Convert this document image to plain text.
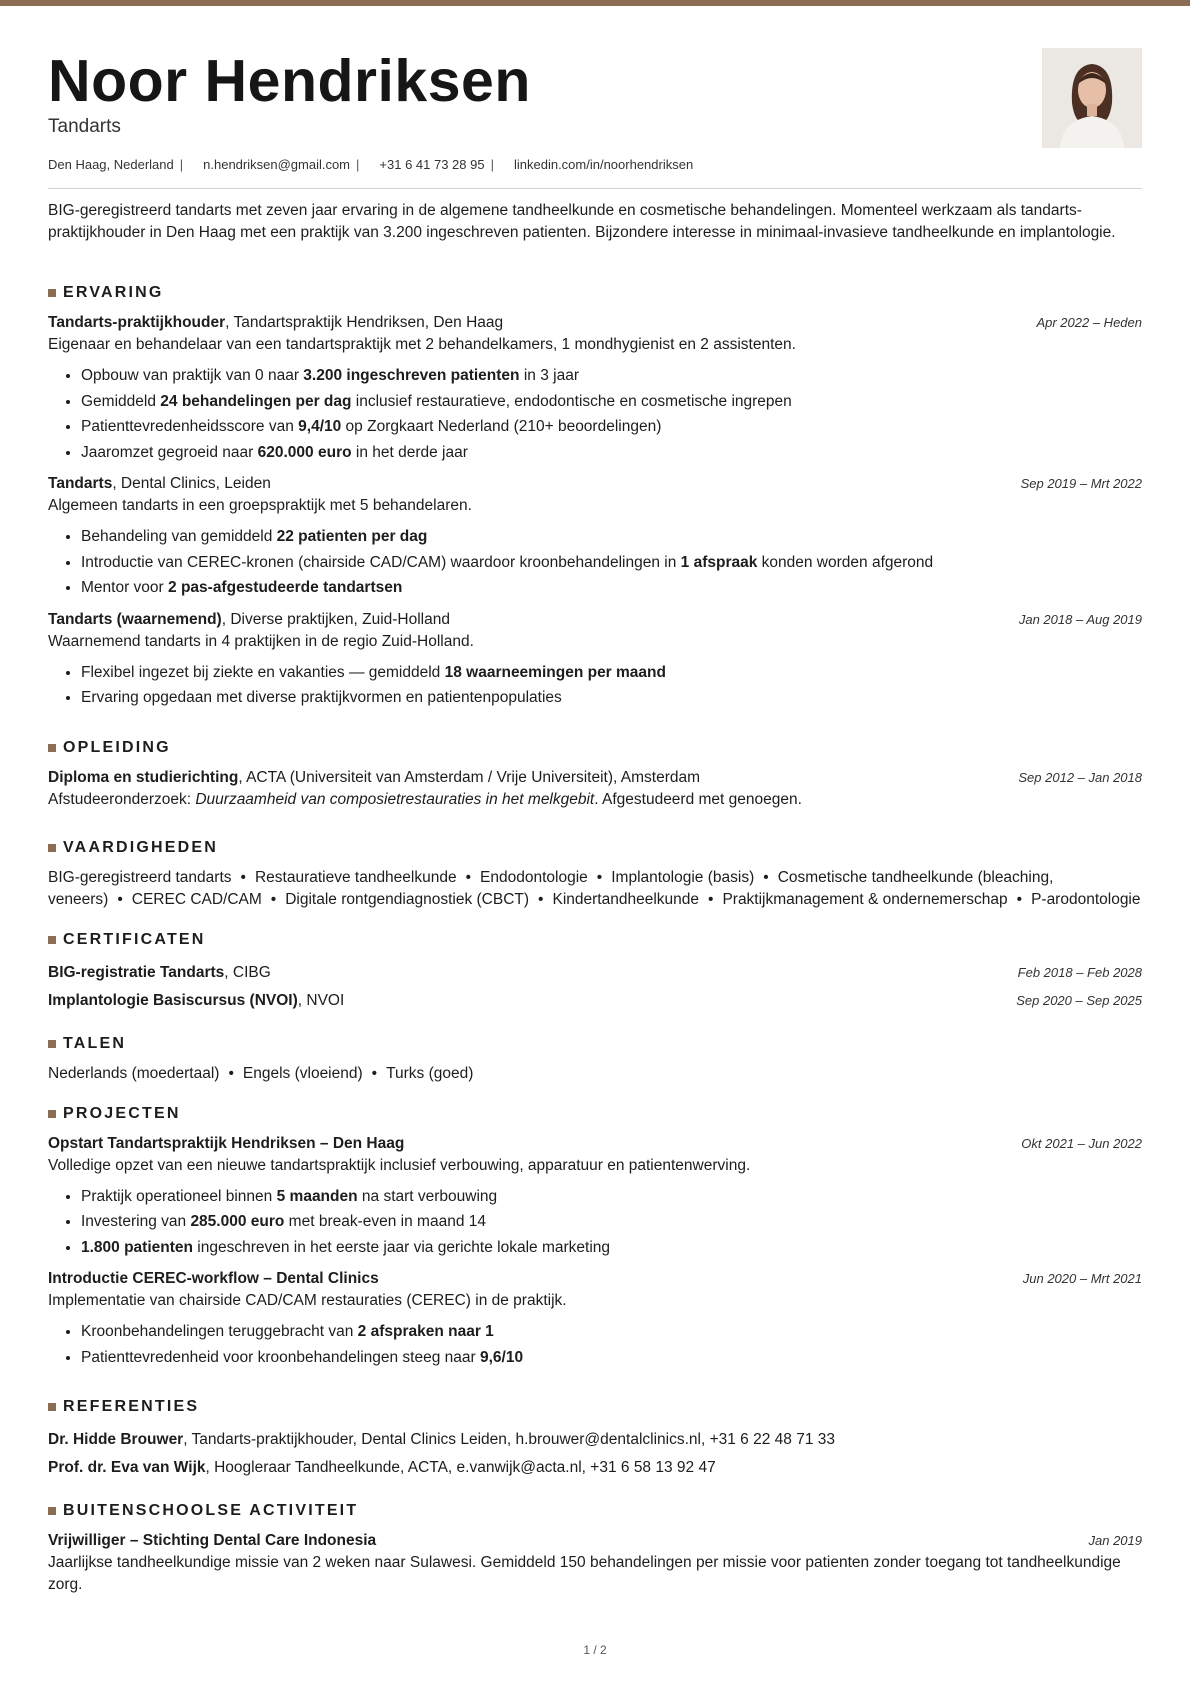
Noor Hendriksen
Tandarts
Den Haag, Nederland | n.hendriksen@gmail.com | +31 6 41 73 28 95 | linkedin.com/in/noorhendriksen
BIG-geregistreerd tandarts met zeven jaar ervaring in de algemene tandheelkunde en cosmetische behandelingen. Momenteel werkzaam als tandarts-praktijkhouder in Den Haag met een praktijk van 3.200 ingeschreven patienten. Bijzondere interesse in minimaal-invasieve tandheelkunde en implantologie.
ERVARING
Tandarts-praktijkhouder, Tandartspraktijk Hendriksen, Den Haag	Apr 2022 – Heden
Eigenaar en behandelaar van een tandartspraktijk met 2 behandelkamers, 1 mondhygienist en 2 assistenten.
• Opbouw van praktijk van 0 naar 3.200 ingeschreven patienten in 3 jaar
• Gemiddeld 24 behandelingen per dag inclusief restauratieve, endodontische en cosmetische ingrepen
• Patienttevredenheidsscore van 9,4/10 op Zorgkaart Nederland (210+ beoordelingen)
• Jaaromzet gegroeid naar 620.000 euro in het derde jaar
Tandarts, Dental Clinics, Leiden	Sep 2019 – Mrt 2022
Algemeen tandarts in een groepspraktijk met 5 behandelaren.
• Behandeling van gemiddeld 22 patienten per dag
• Introductie van CEREC-kronen (chairside CAD/CAM) waardoor kroonbehandelingen in 1 afspraak konden worden afgerond
• Mentor voor 2 pas-afgestudeerde tandartsen
Tandarts (waarnemend), Diverse praktijken, Zuid-Holland	Jan 2018 – Aug 2019
Waarnemend tandarts in 4 praktijken in de regio Zuid-Holland.
• Flexibel ingezet bij ziekte en vakanties — gemiddeld 18 waarneemingen per maand
• Ervaring opgedaan met diverse praktijkvormen en patientenpopulaties
OPLEIDING
Diploma en studierichting, ACTA (Universiteit van Amsterdam / Vrije Universiteit), Amsterdam	Sep 2012 – Jan 2018
Afstudeeronderzoek: Duurzaamheid van composietrestauraties in het melkgebit. Afgestudeerd met genoegen.
VAARDIGHEDEN
BIG-geregistreerd tandarts • Restauratieve tandheelkunde • Endodontologie • Implantologie (basis) • Cosmetische tandheelkunde (bleaching, veneers) • CEREC CAD/CAM • Digitale rontgendiagnostiek (CBCT) • Kindertandheelkunde • Praktijkmanagement & ondernemerschap • P-arodontologie
CERTIFICATEN
BIG-registratie Tandarts, CIBG	Feb 2018 – Feb 2028
Implantologie Basiscursus (NVOI), NVOI	Sep 2020 – Sep 2025
TALEN
Nederlands (moedertaal) • Engels (vloeiend) • Turks (goed)
PROJECTEN
Opstart Tandartspraktijk Hendriksen – Den Haag	Okt 2021 – Jun 2022
Volledige opzet van een nieuwe tandartspraktijk inclusief verbouwing, apparatuur en patientenwerving.
• Praktijk operationeel binnen 5 maanden na start verbouwing
• Investering van 285.000 euro met break-even in maand 14
• 1.800 patienten ingeschreven in het eerste jaar via gerichte lokale marketing
Introductie CEREC-workflow – Dental Clinics	Jun 2020 – Mrt 2021
Implementatie van chairside CAD/CAM restauraties (CEREC) in de praktijk.
• Kroonbehandelingen teruggebracht van 2 afspraken naar 1
• Patienttevredenheid voor kroonbehandelingen steeg naar 9,6/10
REFERENTIES
Dr. Hidde Brouwer, Tandarts-praktijkhouder, Dental Clinics Leiden, h.brouwer@dentalclinics.nl, +31 6 22 48 71 33
Prof. dr. Eva van Wijk, Hoogleraar Tandheelkunde, ACTA, e.vanwijk@acta.nl, +31 6 58 13 92 47
BUITENSCHOOLSE ACTIVITEIT
Vrijwilliger – Stichting Dental Care Indonesia	Jan 2019
Jaarlijkse tandheelkundige missie van 2 weken naar Sulawesi. Gemiddeld 150 behandelingen per missie voor patienten zonder toegang tot tandheelkundige zorg.
1 / 2
